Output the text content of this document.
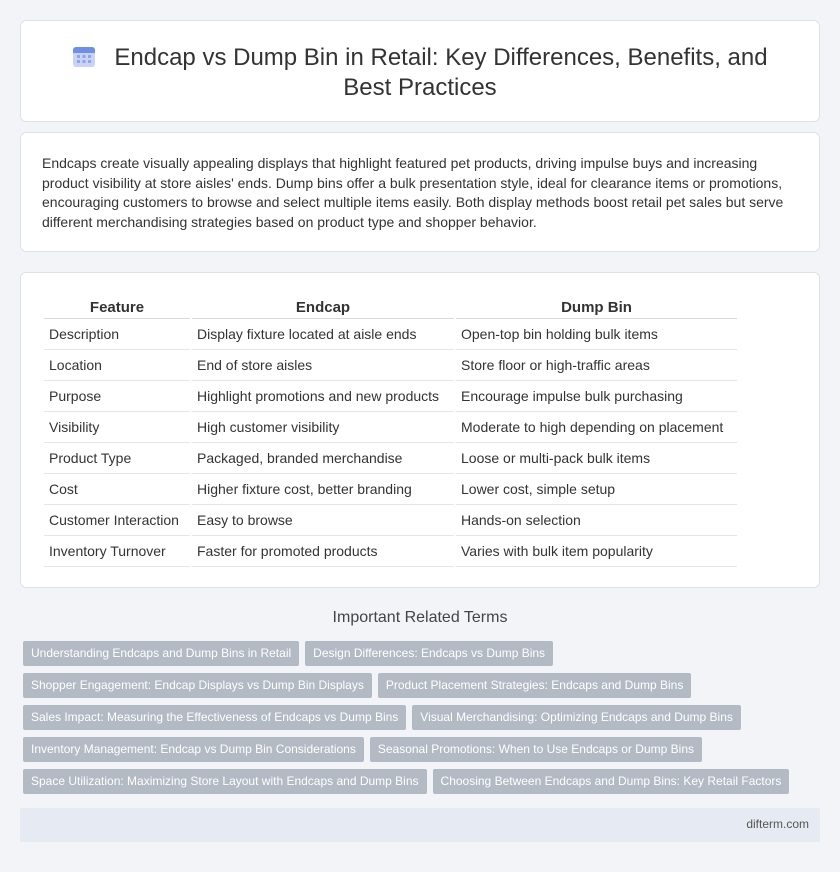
Endcap vs Dump Bin in Retail: Key Differences, Benefits, and Best Practices

Endcaps create visually appealing displays that highlight featured pet products, driving impulse buys and increasing product visibility at store aisles' ends. Dump bins offer a bulk presentation style, ideal for clearance items or promotions, encouraging customers to browse and select multiple items easily. Both display methods boost retail pet sales but serve different merchandising strategies based on product type and shopper behavior.

Feature	Endcap	Dump Bin
Description	Display fixture located at aisle ends	Open-top bin holding bulk items
Location	End of store aisles	Store floor or high-traffic areas
Purpose	Highlight promotions and new products	Encourage impulse bulk purchasing
Visibility	High customer visibility	Moderate to high depending on placement
Product Type	Packaged, branded merchandise	Loose or multi-pack bulk items
Cost	Higher fixture cost, better branding	Lower cost, simple setup
Customer Interaction	Easy to browse	Hands-on selection
Inventory Turnover	Faster for promoted products	Varies with bulk item popularity
Important Related Terms
Understanding Endcaps and Dump Bins in Retail Design Differences: Endcaps vs Dump Bins
Shopper Engagement: Endcap Displays vs Dump Bin Displays Product Placement Strategies: Endcaps and Dump Bins
Sales Impact: Measuring the Effectiveness of Endcaps vs Dump Bins Visual Merchandising: Optimizing Endcaps and Dump Bins
Inventory Management: Endcap vs Dump Bin Considerations Seasonal Promotions: When to Use Endcaps or Dump Bins
Space Utilization: Maximizing Store Layout with Endcaps and Dump Bins Choosing Between Endcaps and Dump Bins: Key Retail Factors
difterm.com
